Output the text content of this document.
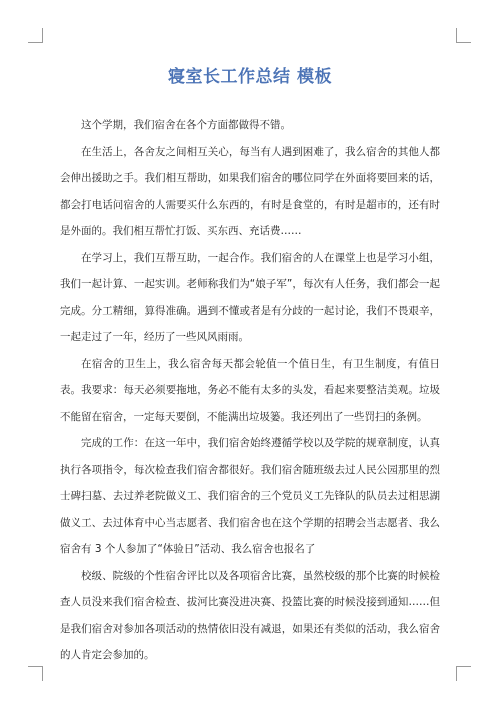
寝室长工作总结 模板

这个学期，我们宿舍在各个方面都做得不错。

在生活上，各舍友之间相互关心，每当有人遇到困难了，我么宿舍的其他人都会伸出援助之手。我们相互帮助，如果我们宿舍的哪位同学在外面将要回来的话，都会打电话问宿舍的人需要买什么东西的，有时是食堂的，有时是超市的，还有时是外面的。我们相互帮忙打饭、买东西、充话费……

在学习上，我们互帮互助，一起合作。我们宿舍的人在课堂上也是学习小组，我们一起计算、一起实训。老师称我们为“娘子军”，每次有人任务，我们都会一起完成。分工精细，算得准确。遇到不懂或者是有分歧的一起讨论，我们不畏艰辛，一起走过了一年，经历了一些风风雨雨。

在宿舍的卫生上，我么宿舍每天都会轮值一个值日生，有卫生制度，有值日表。我要求：每天必须要拖地，务必不能有太多的头发，看起来要整洁美观。垃圾不能留在宿舍，一定每天要倒，不能满出垃圾篓。我还列出了一些罚扫的条例。

完成的工作：在这一年中，我们宿舍始终遵循学校以及学院的规章制度，认真执行各项指令，每次检查我们宿舍都很好。我们宿舍随班级去过人民公园那里的烈士碑扫墓、去过养老院做义工、我们宿舍的三个党员义工先锋队的队员去过相思湖做义工、去过体育中心当志愿者、我们宿舍也在这个学期的招聘会当志愿者、我么宿舍有 3 个人参加了“体验日”活动、我么宿舍也报名了

校级、院级的个性宿舍评比以及各项宿舍比赛，虽然校级的那个比赛的时候检查人员没来我们宿舍检查、拔河比赛没进决赛、投篮比赛的时候没接到通知……但是我们宿舍对参加各项活动的热情依旧没有减退，如果还有类似的活动，我么宿舍的人肯定会参加的。
